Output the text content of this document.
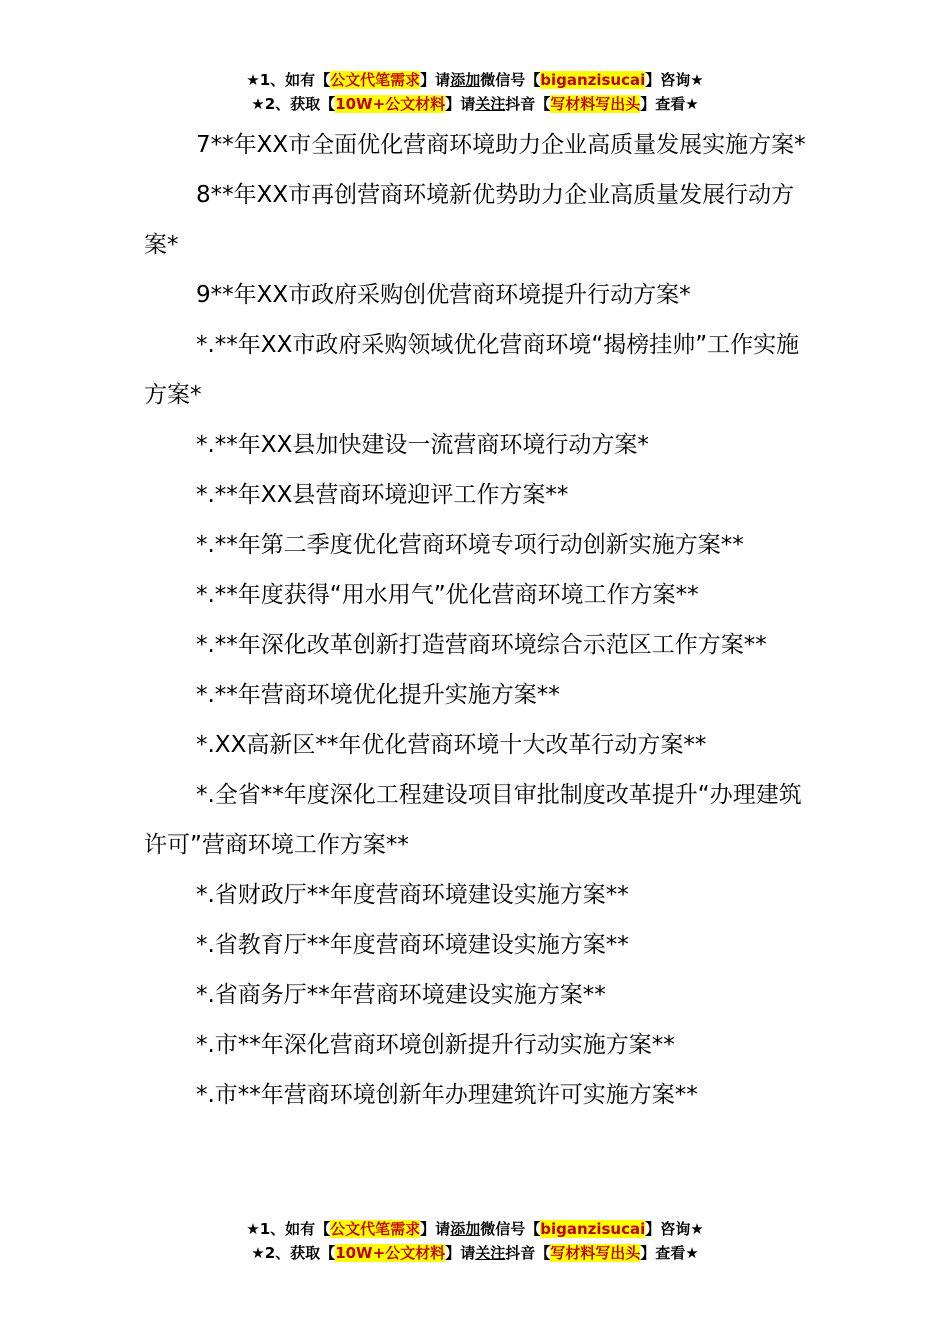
★1、如有【公文代笔需求】请添加微信号【biganzisucai】咨询★
★2、获取【10W+公文材料】请关注抖音【写材料写出头】查看★

7**年XX市全面优化营商环境助力企业高质量发展实施方案*

8**年XX市再创营商环境新优势助力企业高质量发展行动方案*

9**年XX市政府采购创优营商环境提升行动方案*

*.**年XX市政府采购领域优化营商环境“揭榜挂帅”工作实施方案*

*.**年XX县加快建设一流营商环境行动方案*

*.**年XX县营商环境迎评工作方案**

*.**年第二季度优化营商环境专项行动创新实施方案**

*.**年度获得“用水用气”优化营商环境工作方案**

*.**年深化改革创新打造营商环境综合示范区工作方案**

*.**年营商环境优化提升实施方案**

*.XX高新区**年优化营商环境十大改革行动方案**

*.全省**年度深化工程建设项目审批制度改革提升“办理建筑许可”营商环境工作方案**

*.省财政厅**年度营商环境建设实施方案**

*.省教育厅**年度营商环境建设实施方案**

*.省商务厅**年营商环境建设实施方案**

*.市**年深化营商环境创新提升行动实施方案**

*.市**年营商环境创新年办理建筑许可实施方案**

★1、如有【公文代笔需求】请添加微信号【biganzisucai】咨询★
★2、获取【10W+公文材料】请关注抖音【写材料写出头】查看★
